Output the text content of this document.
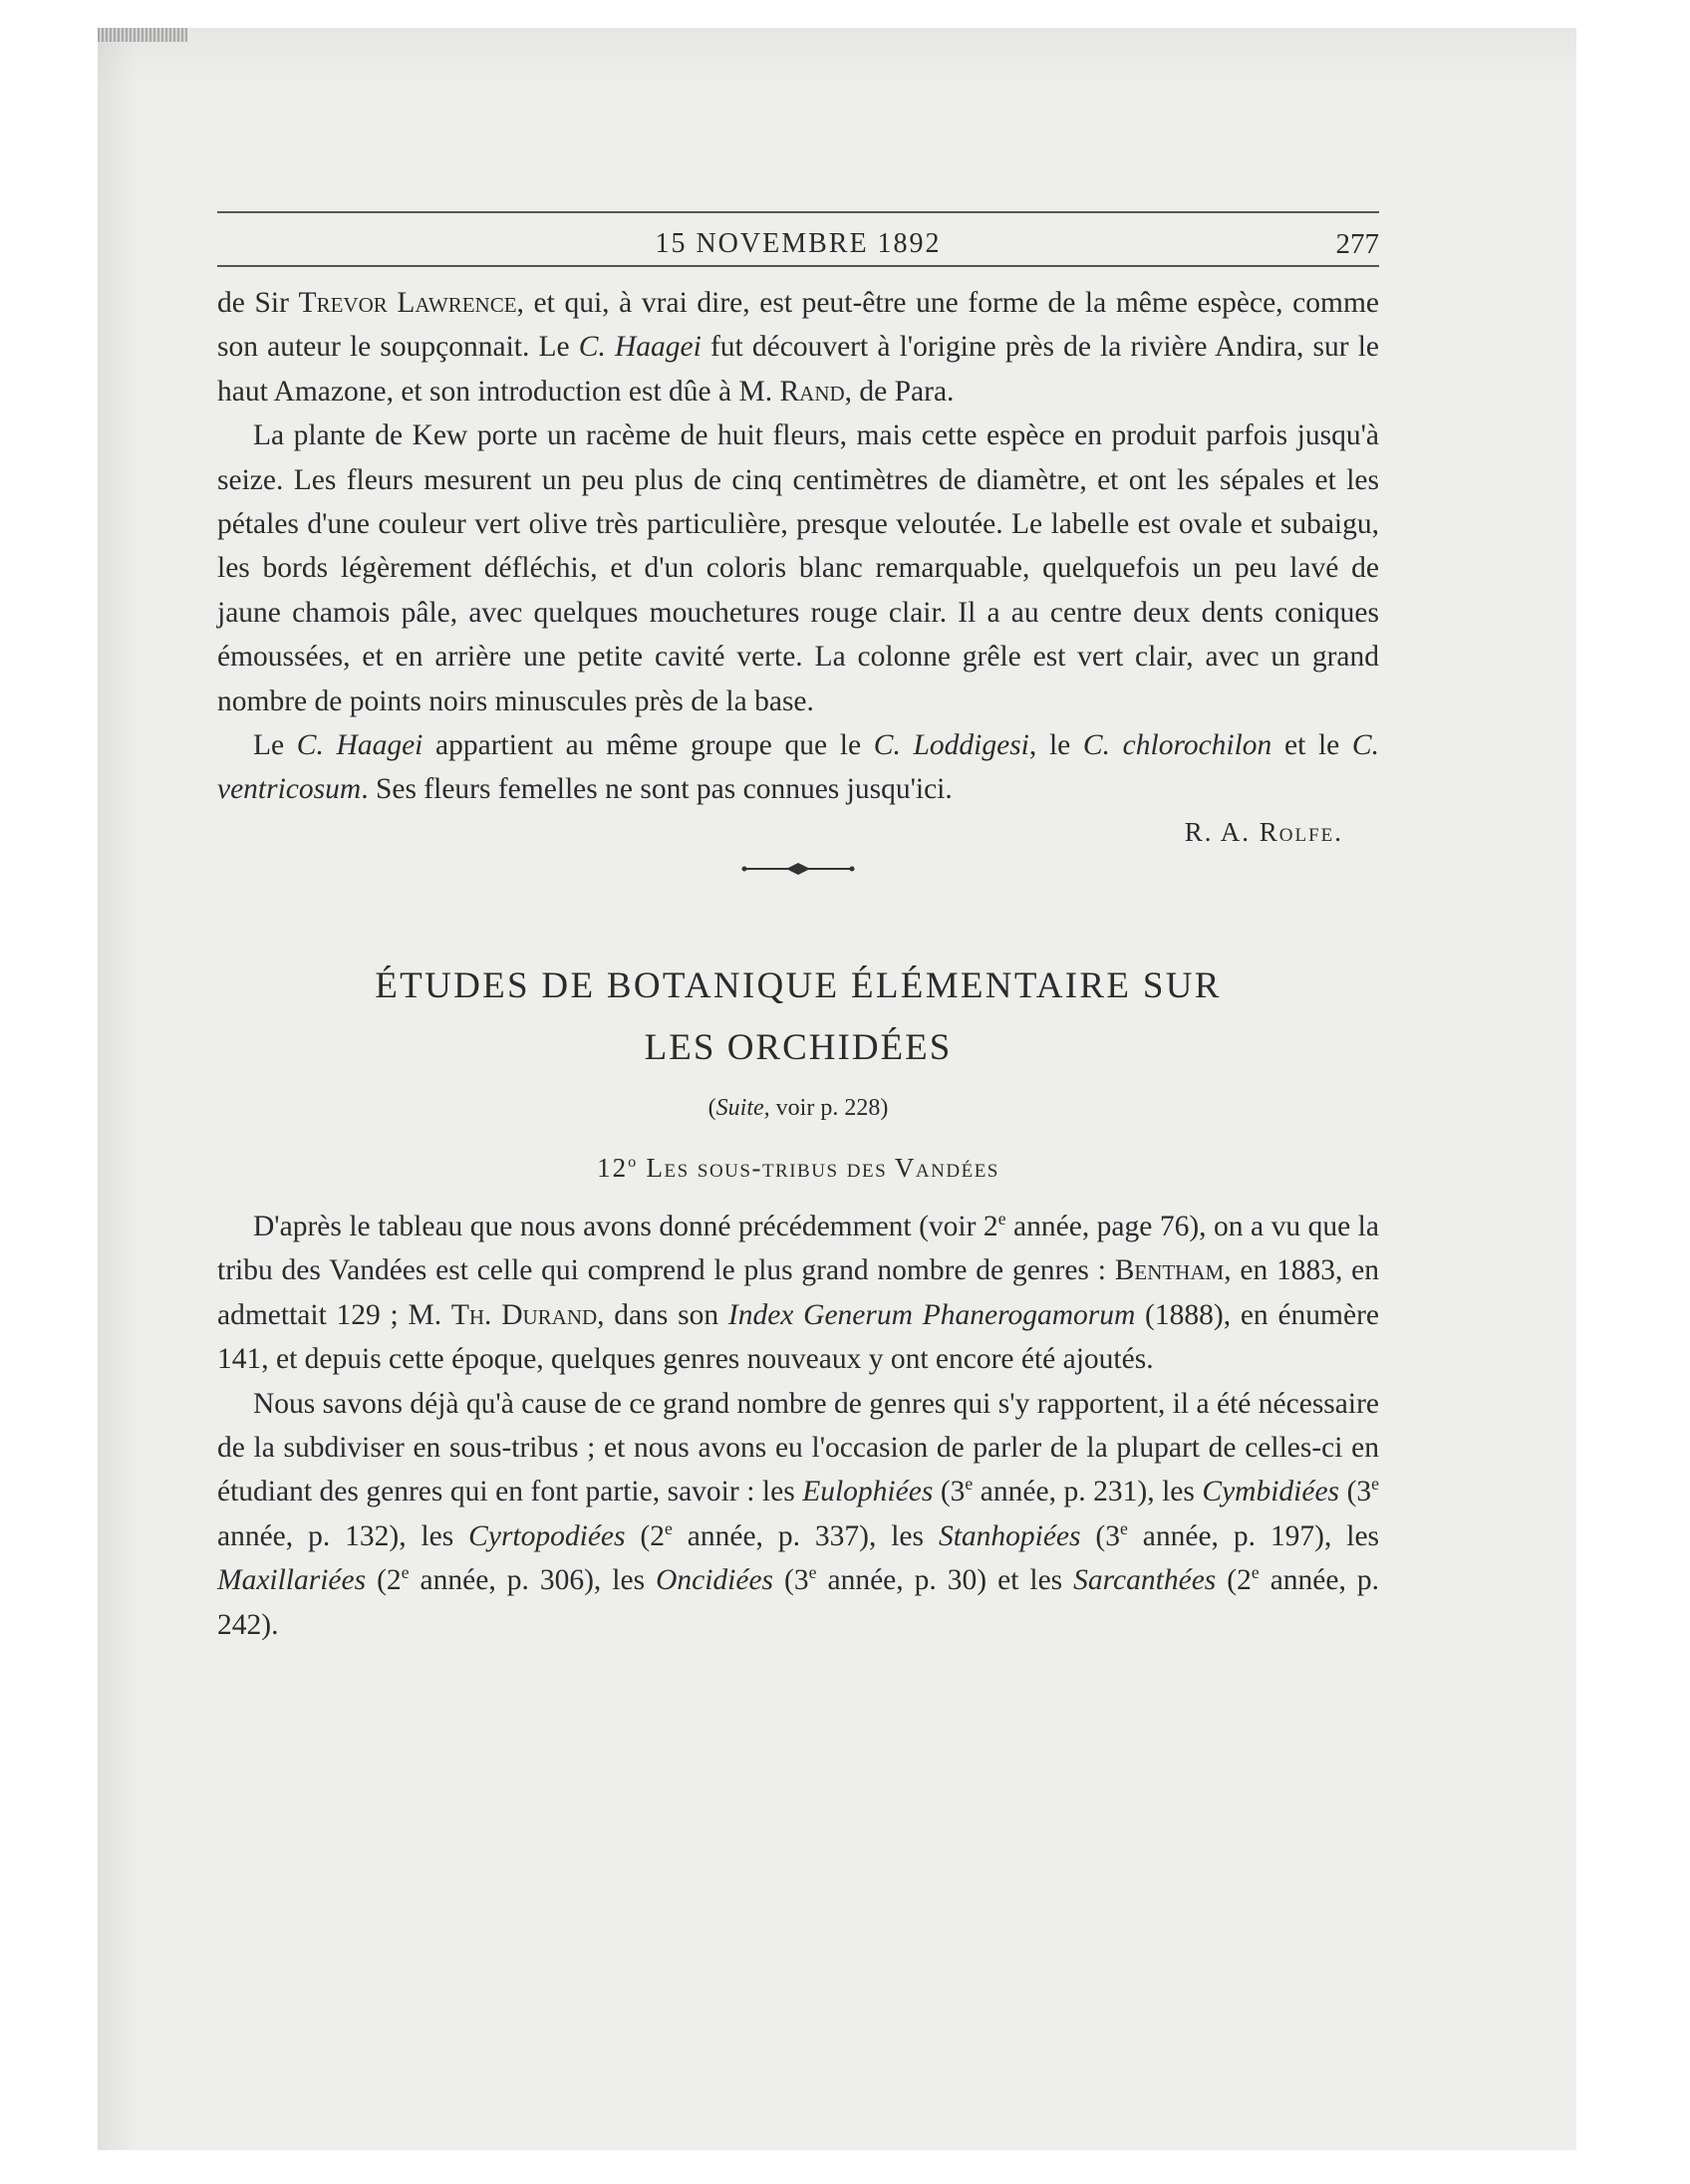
15 NOVEMBRE 1892	277

de Sir Trevor Lawrence, et qui, à vrai dire, est peut-être une forme de la même espèce, comme son auteur le soupçonnait. Le C. Haagei fut découvert à l'origine près de la rivière Andira, sur le haut Amazone, et son introduction est dûe à M. Rand, de Para.

La plante de Kew porte un racème de huit fleurs, mais cette espèce en produit parfois jusqu'à seize. Les fleurs mesurent un peu plus de cinq centimètres de diamètre, et ont les sépales et les pétales d'une couleur vert olive très particulière, presque veloutée. Le labelle est ovale et subaigu, les bords légèrement défléchis, et d'un coloris blanc remarquable, quelquefois un peu lavé de jaune chamois pâle, avec quelques mouchetures rouge clair. Il a au centre deux dents coniques émoussées, et en arrière une petite cavité verte. La colonne grêle est vert clair, avec un grand nombre de points noirs minuscules près de la base.

Le C. Haagei appartient au même groupe que le C. Loddigesi, le C. chlorochilon et le C. ventricosum. Ses fleurs femelles ne sont pas connues jusqu'ici.

R. A. Rolfe.
ÉTUDES DE BOTANIQUE ÉLÉMENTAIRE SUR
LES ORCHIDÉES
(Suite, voir p. 228)
12$^o$ Les sous-tribus des Vandées

D'après le tableau que nous avons donné précédemment (voir 2e année, page 76), on a vu que la tribu des Vandées est celle qui comprend le plus grand nombre de genres : Bentham, en 1883, en admettait 129 ; M. Th. Durand, dans son Index Generum Phanerogamorum (1888), en énumère 141, et depuis cette époque, quelques genres nouveaux y ont encore été ajoutés.

Nous savons déjà qu'à cause de ce grand nombre de genres qui s'y rapportent, il a été nécessaire de la subdiviser en sous-tribus ; et nous avons eu l'occasion de parler de la plupart de celles-ci en étudiant des genres qui en font partie, savoir : les Eulophiées (3e année, p. 231), les Cymbidiées (3e année, p. 132), les Cyrtopodiées (2e année, p. 337), les Stanhopiées (3e année, p. 197), les Maxillariées (2e année, p. 306), les Oncidiées (3e année, p. 30) et les Sarcanthées (2e année, p. 242).
